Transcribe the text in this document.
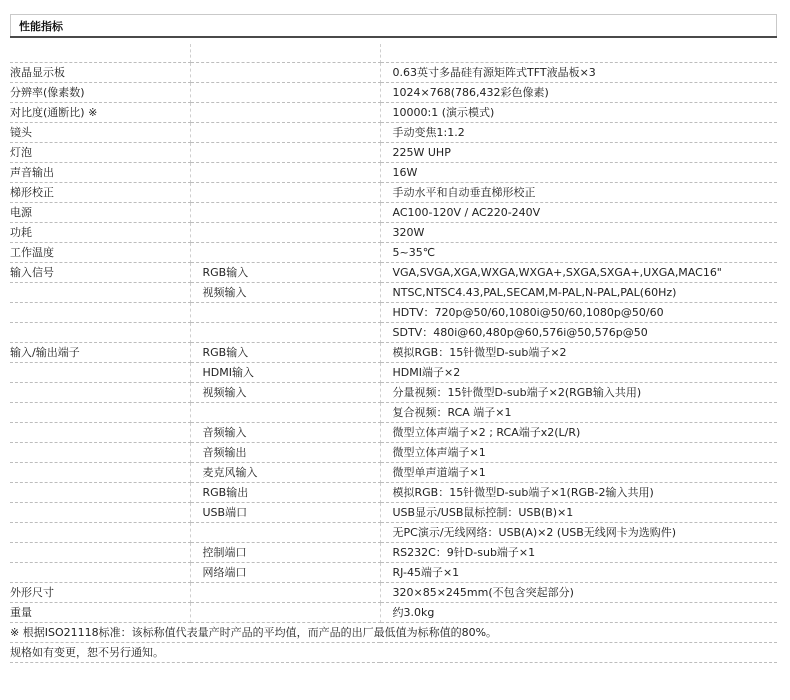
性能指标

液晶显示板		0.63英寸多晶硅有源矩阵式TFT液晶板×3
分辨率(像素数)		1024×768(786,432彩色像素)
对比度(通断比) ※		10000:1 (演示模式)
镜头		手动变焦1:1.2
灯泡		225W UHP
声音输出		16W
梯形校正		手动水平和自动垂直梯形校正
电源		AC100-120V / AC220-240V
功耗		320W
工作温度		5~35℃
输入信号	RGB输入	VGA,SVGA,XGA,WXGA,WXGA+,SXGA,SXGA+,UXGA,MAC16"
	视频输入	NTSC,NTSC4.43,PAL,SECAM,M-PAL,N-PAL,PAL(60Hz)
		HDTV：720p@50/60,1080i@50/60,1080p@50/60
		SDTV：480i@60,480p@60,576i@50,576p@50
输入/输出端子	RGB输入	模拟RGB：15针微型D-sub端子×2
	HDMI输入	HDMI端子×2
	视频输入	分量视频：15针微型D-sub端子×2(RGB输入共用)
		复合视频：RCA 端子×1
	音频输入	微型立体声端子×2 ; RCA端子x2(L/R)
	音频输出	微型立体声端子×1
	麦克风输入	微型单声道端子×1
	RGB输出	模拟RGB：15针微型D-sub端子×1(RGB-2输入共用)
	USB端口	USB显示/USB鼠标控制：USB(B)×1
		无PC演示/无线网络：USB(A)×2 (USB无线网卡为选购件)
	控制端口	RS232C：9针D-sub端子×1
	网络端口	RJ-45端子×1
外形尺寸		320×85×245mm(不包含突起部分)
重量		约3.0kg
※ 根据ISO21118标准：该标称值代表量产时产品的平均值，而产品的出厂最低值为标称值的80%。		
规格如有变更，恕不另行通知。		
